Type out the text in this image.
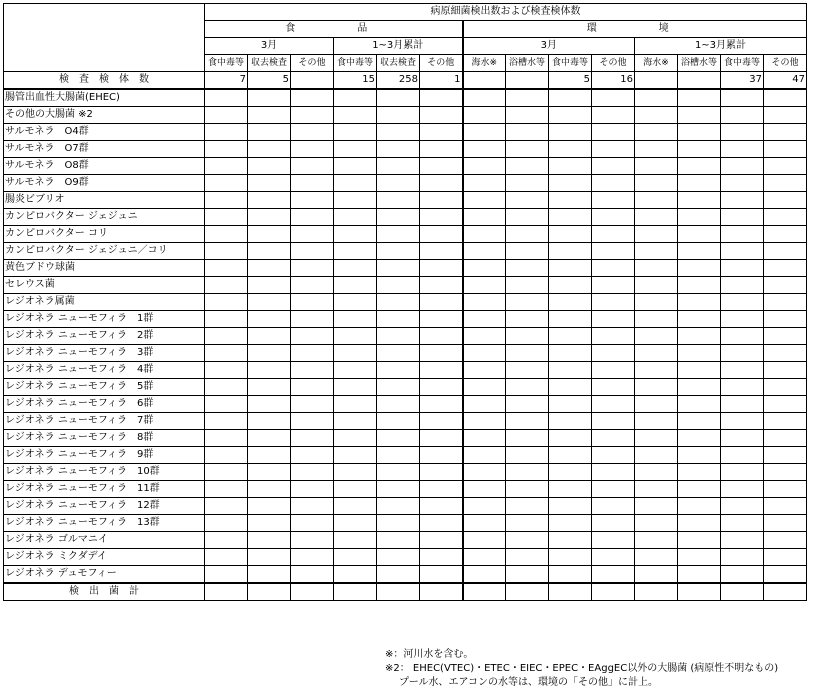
	病原細菌検出数および検査検体数													
	食　　品						環　　境							
	3月			1~3月累計			3月				1~3月累計			
	食中毒等	収去検査	その他	食中毒等	収去検査	その他	海水※	浴槽水等	食中毒等	その他	海水※	浴槽水等	食中毒等	その他
検　査　検　体　数	7	5		15	258	1			5	16			37	47
腸管出血性大腸菌(EHEC)														
その他の大腸菌 ※2														
サルモネラ　O4群														
サルモネラ　O7群														
サルモネラ　O8群														
サルモネラ　O9群														
腸炎ビブリオ														
カンピロバクター ジェジュニ														
カンピロバクター コリ														
カンピロバクター ジェジュニ／コリ														
黄色ブドウ球菌														
セレウス菌														
レジオネラ属菌														
レジオネラ ニューモフィラ　1群														
レジオネラ ニューモフィラ　2群														
レジオネラ ニューモフィラ　3群														
レジオネラ ニューモフィラ　4群														
レジオネラ ニューモフィラ　5群														
レジオネラ ニューモフィラ　6群														
レジオネラ ニューモフィラ　7群														
レジオネラ ニューモフィラ　8群														
レジオネラ ニューモフィラ　9群														
レジオネラ ニューモフィラ　10群														
レジオネラ ニューモフィラ　11群														
レジオネラ ニューモフィラ　12群														
レジオネラ ニューモフィラ　13群														
レジオネラ ゴルマニイ														
レジオネラ ミクダデイ														
レジオネラ デュモフィー														
検　出　菌　計														
※：河川水を含む。
※2： EHEC(VTEC)・ETEC・EIEC・EPEC・EAggEC以外の大腸菌 (病原性不明なもの)
プール水、エアコンの水等は、環境の「その他」に計上。
